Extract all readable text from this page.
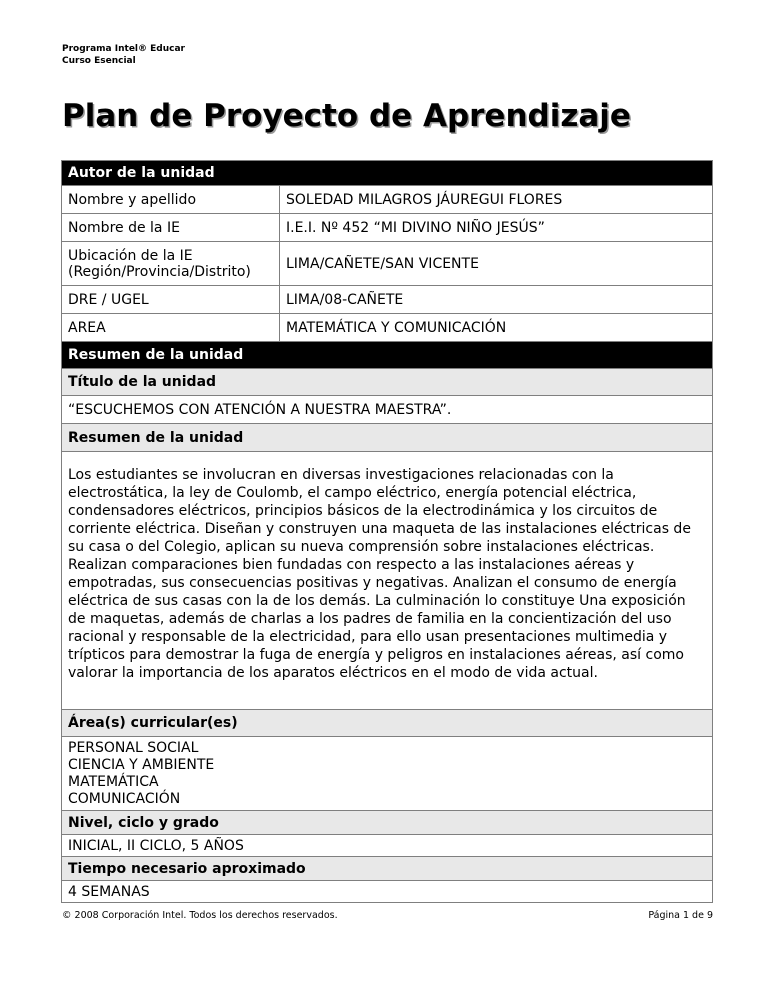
Programa Intel® Educar
Curso Esencial
Plan de Proyecto de Aprendizaje
Autor de la unidad
Nombre y apellido	SOLEDAD MILAGROS JÁUREGUI FLORES
Nombre de la IE	I.E.I. Nº 452 “MI DIVINO NIÑO JESÚS”
Ubicación de la IE (Región/Provincia/Distrito)	LIMA/CAÑETE/SAN VICENTE
DRE / UGEL	LIMA/08-CAÑETE
AREA	MATEMÁTICA Y COMUNICACIÓN
Resumen de la unidad
Título de la unidad
“ESCUCHEMOS CON ATENCIÓN A NUESTRA MAESTRA”.
Resumen de la unidad
Los estudiantes se involucran en diversas investigaciones relacionadas con la electrostática, la ley de Coulomb, el campo eléctrico, energía potencial eléctrica, condensadores eléctricos, principios básicos de la electrodinámica y los circuitos de corriente eléctrica. Diseñan y construyen una maqueta de las instalaciones eléctricas de su casa o del Colegio, aplican su nueva comprensión sobre instalaciones eléctricas. Realizan comparaciones bien fundadas con respecto a las instalaciones aéreas y empotradas, sus consecuencias positivas y negativas. Analizan el consumo de energía eléctrica de sus casas con la de los demás. La culminación lo constituye Una exposición de maquetas, además de charlas a los padres de familia en la concientización del uso racional y responsable de la electricidad, para ello usan presentaciones multimedia y trípticos para demostrar la fuga de energía y peligros en instalaciones aéreas, así como valorar la importancia de los aparatos eléctricos en el modo de vida actual.
Área(s) curricular(es)
PERSONAL SOCIAL
CIENCIA Y AMBIENTE
MATEMÁTICA
COMUNICACIÓN
Nivel, ciclo y grado
INICIAL, II CICLO, 5 AÑOS
Tiempo necesario aproximado
4 SEMANAS
© 2008 Corporación Intel. Todos los derechos reservados.	Página 1 de 9
